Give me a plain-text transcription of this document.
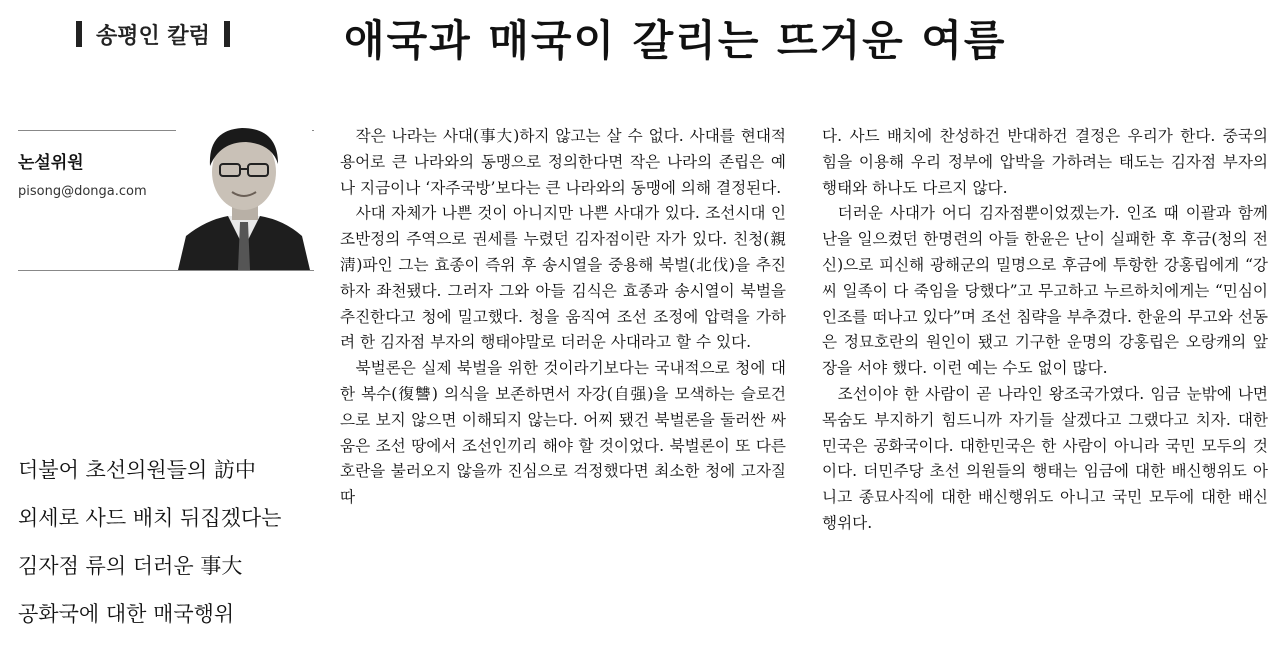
송평인 칼럼	애국과 매국이 갈리는 뜨거운 여름
논설위원
pisong@donga.com
더불어 초선의원들의 訪中
외세로 사드 배치 뒤집겠다는
김자점 류의 더러운 事大
공화국에 대한 매국행위

작은 나라는 사대(事大)하지 않고는 살 수 없다. 사대를 현대적 용어로 큰 나라와의 동맹으로 정의한다면 작은 나라의 존립은 예나 지금이나 ‘자주국방’보다는 큰 나라와의 동맹에 의해 결정된다.

사대 자체가 나쁜 것이 아니지만 나쁜 사대가 있다. 조선시대 인조반정의 주역으로 권세를 누렸던 김자점이란 자가 있다. 친청(親淸)파인 그는 효종이 즉위 후 송시열을 중용해 북벌(北伐)을 추진하자 좌천됐다. 그러자 그와 아들 김식은 효종과 송시열이 북벌을 추진한다고 청에 밀고했다. 청을 움직여 조선 조정에 압력을 가하려 한 김자점 부자의 행태야말로 더러운 사대라고 할 수 있다.

북벌론은 실제 북벌을 위한 것이라기보다는 국내적으로 청에 대한 복수(復讐) 의식을 보존하면서 자강(自强)을 모색하는 슬로건으로 보지 않으면 이해되지 않는다. 어찌 됐건 북벌론을 둘러싼 싸움은 조선 땅에서 조선인끼리 해야 할 것이었다. 북벌론이 또 다른 호란을 불러오지 않을까 진심으로 걱정했다면 최소한 청에 고자질 따

다. 사드 배치에 찬성하건 반대하건 결정은 우리가 한다. 중국의 힘을 이용해 우리 정부에 압박을 가하려는 태도는 김자점 부자의 행태와 하나도 다르지 않다.

더러운 사대가 어디 김자점뿐이었겠는가. 인조 때 이괄과 함께 난을 일으켰던 한명련의 아들 한윤은 난이 실패한 후 후금(청의 전신)으로 피신해 광해군의 밀명으로 후금에 투항한 강홍립에게 “강씨 일족이 다 죽임을 당했다”고 무고하고 누르하치에게는 “민심이 인조를 떠나고 있다”며 조선 침략을 부추겼다. 한윤의 무고와 선동은 정묘호란의 원인이 됐고 기구한 운명의 강홍립은 오랑캐의 앞장을 서야 했다. 이런 예는 수도 없이 많다.

조선이야 한 사람이 곧 나라인 왕조국가였다. 임금 눈밖에 나면 목숨도 부지하기 힘드니까 자기들 살겠다고 그랬다고 치자. 대한민국은 공화국이다. 대한민국은 한 사람이 아니라 국민 모두의 것이다. 더민주당 초선 의원들의 행태는 임금에 대한 배신행위도 아니고 종묘사직에 대한 배신행위도 아니고 국민 모두에 대한 배신행위다.
